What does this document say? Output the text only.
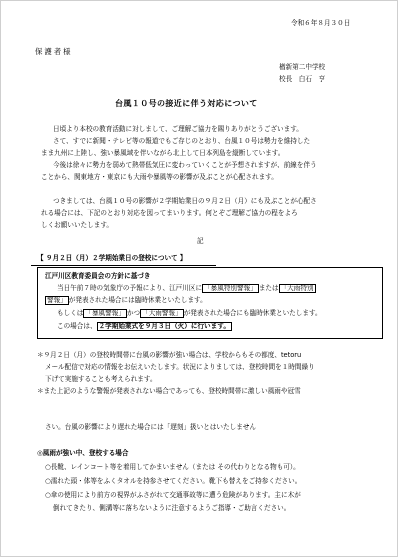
令和６年８月３０日
保護者様
楢新第二中学校
校長　白石　亨
台風１０号の接近に伴う対応について
日頃より本校の教育活動に対しまして、ご理解ご協力を賜りありがとうございます。
さて、すでに新聞・テレビ等の報道でもご存じのとおり、台風１０号は勢力を維持した
まま九州に上陸し、強い暴風域を伴いながら北上して日本列島を縦断しています。
今後は徐々に勢力を弱めて熱帯低気圧に変わっていくことが予想されますが、前線を伴う
ことから、関東地方・東京にも大雨や暴風等の影響が及ぶことが心配されます。
つきましては、台風１０号の影響が２学期始業日の９月２日（月）にも及ぶことが心配さ
れる場合には、下記のとおり対応を図ってまいります。何とぞご理解ご協力の程をよろ
しくお願いいたします。
記
【 ９月２日（月）２学期始業日の登校について 】
江戸川区教育委員会の方針に基づき
当日午前７時の気象庁の予報により、江戸川区に 「暴風特別警報」 または 「大雨特別
警報」 が発表された場合には臨時休業といたします。
もしくは 「暴風警報」 かつ 「大雨警報」 が発表された場合にも臨時休業といたします。
この場合は、 ２学期始業式を９月３日（火）に行います。
＊９月２日（月）の登校時間帯に台風の影響が強い場合は、学校からもその都度、tetoru
メール配信で対応の情報をお伝えいたします。状況によりましては、登校時間を１時間繰り
下げて実施することも考えられます。
＊また上記のような警報が発表されない場合であっても、登校時間帯に激しい風雨や冠雪
さい。台風の影響により遅れた場合には「遅刻」扱いとはいたしません
◎風雨が強い中、登校する場合
○長靴、レインコート等を着用してかまいません（または その代わりとなる物も可）。
○濡れた頭・体等をふくタオルを持参させてください。靴下も替えをご持参ください。
○傘の使用により前方の視界がふさがれて交通事故等に遭う危険があります。主に木が
倒れてきたり、側溝等に落ちないように注意するようご指導・ご助言ください。
